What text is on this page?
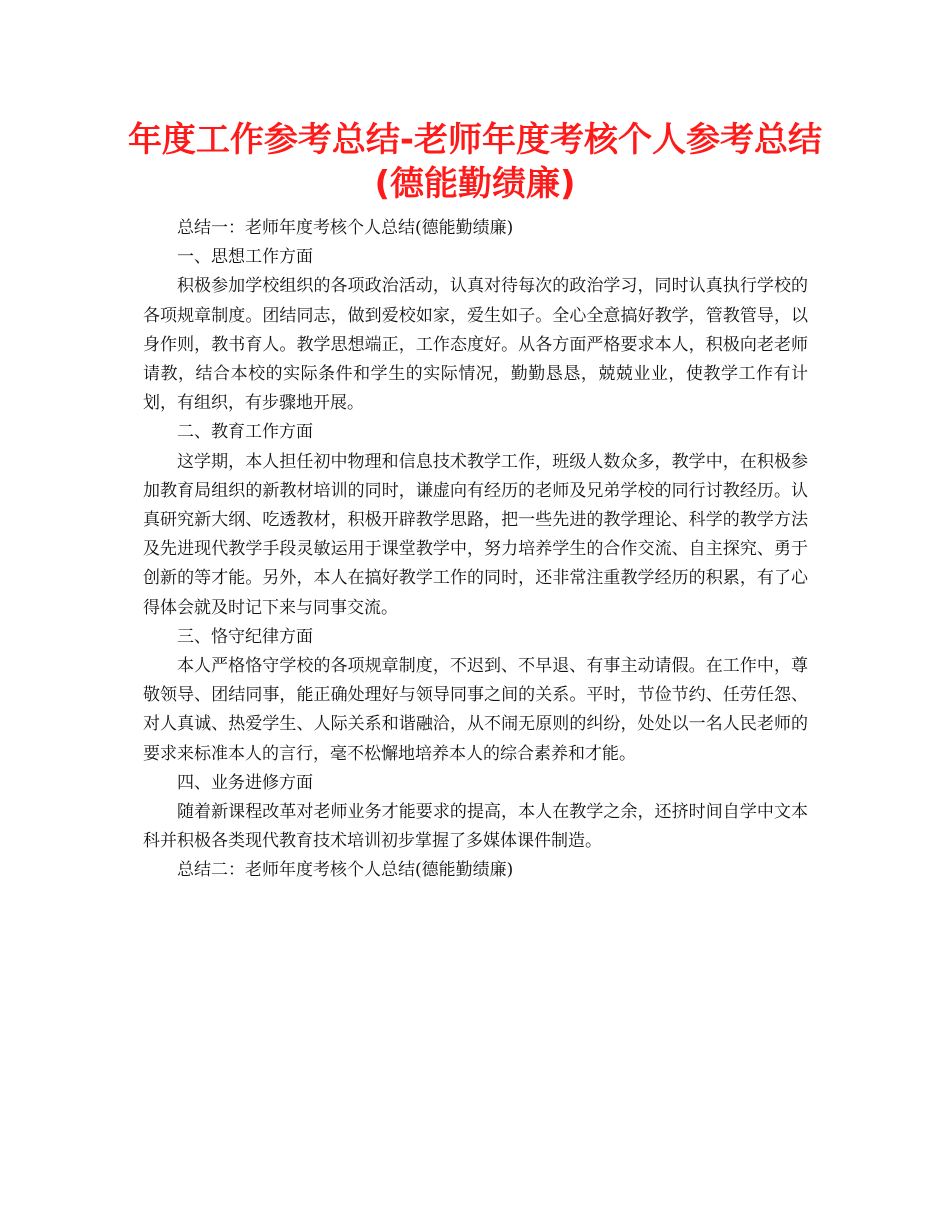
年度工作参考总结-老师年度考核个人参考总结
(德能勤绩廉)

总结一：老师年度考核个人总结(德能勤绩廉)

一、思想工作方面

积极参加学校组织的各项政治活动，认真对待每次的政治学习，同时认真执行学校的各项规章制度。团结同志，做到爱校如家，爱生如子。全心全意搞好教学，管教管导，以身作则，教书育人。教学思想端正，工作态度好。从各方面严格要求本人，积极向老老师请教，结合本校的实际条件和学生的实际情况，勤勤恳恳，兢兢业业，使教学工作有计划，有组织，有步骤地开展。

二、教育工作方面

这学期，本人担任初中物理和信息技术教学工作，班级人数众多，教学中，在积极参加教育局组织的新教材培训的同时，谦虚向有经历的老师及兄弟学校的同行讨教经历。认真研究新大纲、吃透教材，积极开辟教学思路，把一些先进的教学理论、科学的教学方法及先进现代教学手段灵敏运用于课堂教学中，努力培养学生的合作交流、自主探究、勇于创新的等才能。另外，本人在搞好教学工作的同时，还非常注重教学经历的积累，有了心得体会就及时记下来与同事交流。

三、恪守纪律方面

本人严格恪守学校的各项规章制度，不迟到、不早退、有事主动请假。在工作中，尊敬领导、团结同事，能正确处理好与领导同事之间的关系。平时，节俭节约、任劳任怨、对人真诚、热爱学生、人际关系和谐融洽，从不闹无原则的纠纷，处处以一名人民老师的要求来标准本人的言行，毫不松懈地培养本人的综合素养和才能。

四、业务进修方面

随着新课程改革对老师业务才能要求的提高，本人在教学之余，还挤时间自学中文本科并积极各类现代教育技术培训初步掌握了多媒体课件制造。

总结二：老师年度考核个人总结(德能勤绩廉)
